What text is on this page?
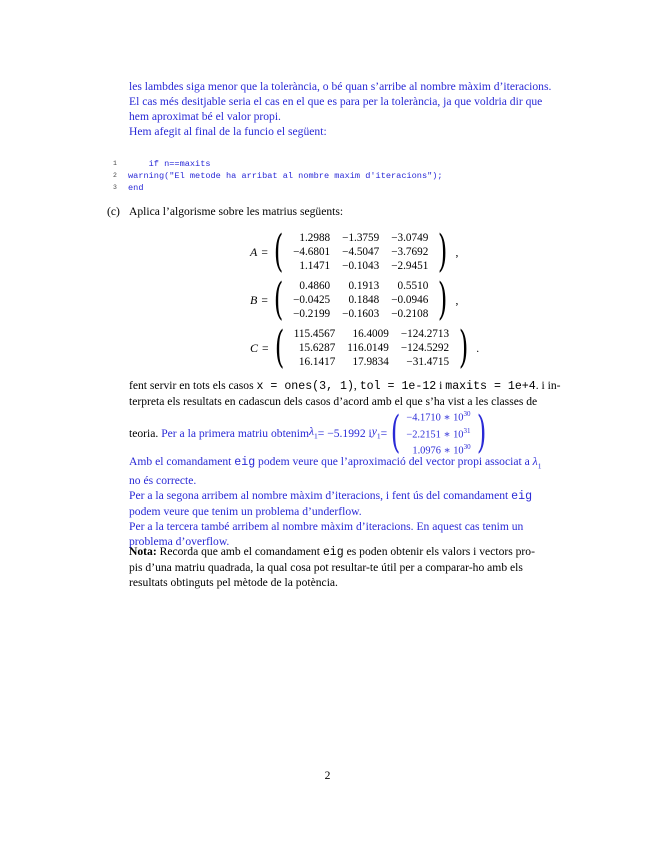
les lambdes siga menor que la tolerància, o bé quan s’arribe al nombre màxim d’iteracions.
El cas més desitjable seria el cas en el que es para per la tolerància, ja que voldria dir que
hem aproximat bé el valor propi.
Hem afegit al final de la funcio el següent:
1    if n==maxits
2 warning("El metode ha arribat al nombre maxim d'iteracions");
3 end
(c) Aplica l’algorisme sobre les matrius següents:
A = ( 1.2988	−1.3759	−3.0749
−4.6801	−4.5047	−3.7692
1.1471	−0.1043	−2.9451 ) ,
B = ( 0.4860	0.1913	0.5510
−0.0425	0.1848	−0.0946
−0.2199	−0.1603	−0.2108 ) ,
C = ( 115.4567	16.4009	−124.2713
15.6287	116.0149	−124.5292
16.1417	17.9834	−31.4715 ) .
fent servir en tots els casos x = ones(3, 1), tol = 1e-12 i maxits = 1e+4. i in-
terpreta els resultats en cadascun dels casos d’acord amb el que s’ha vist a les classes de
teoria.
Per a la primera matriu obtenim $\lambda_1 = -5.1992$ i $y_1$ = ( −4.1710 ∗ $10^{30}$
−2.2151 ∗ $10^{31}$
1.0976 ∗ $10^{30}$ )
Amb el comandament eig podem veure que l’aproximació del vector propi associat a $\lambda_1$
no és correcte.
Per a la segona arribem al nombre màxim d’iteracions, i fent ús del comandament eig
podem veure que tenim un problema d’underflow.
Per a la tercera també arribem al nombre màxim d’iteracions. En aquest cas tenim un
problema d’overflow.
Nota: Recorda que amb el comandament eig es poden obtenir els valors i vectors pro-
pis d’una matriu quadrada, la qual cosa pot resultar-te útil per a comparar-ho amb els
resultats obtinguts pel mètode de la potència.
2
